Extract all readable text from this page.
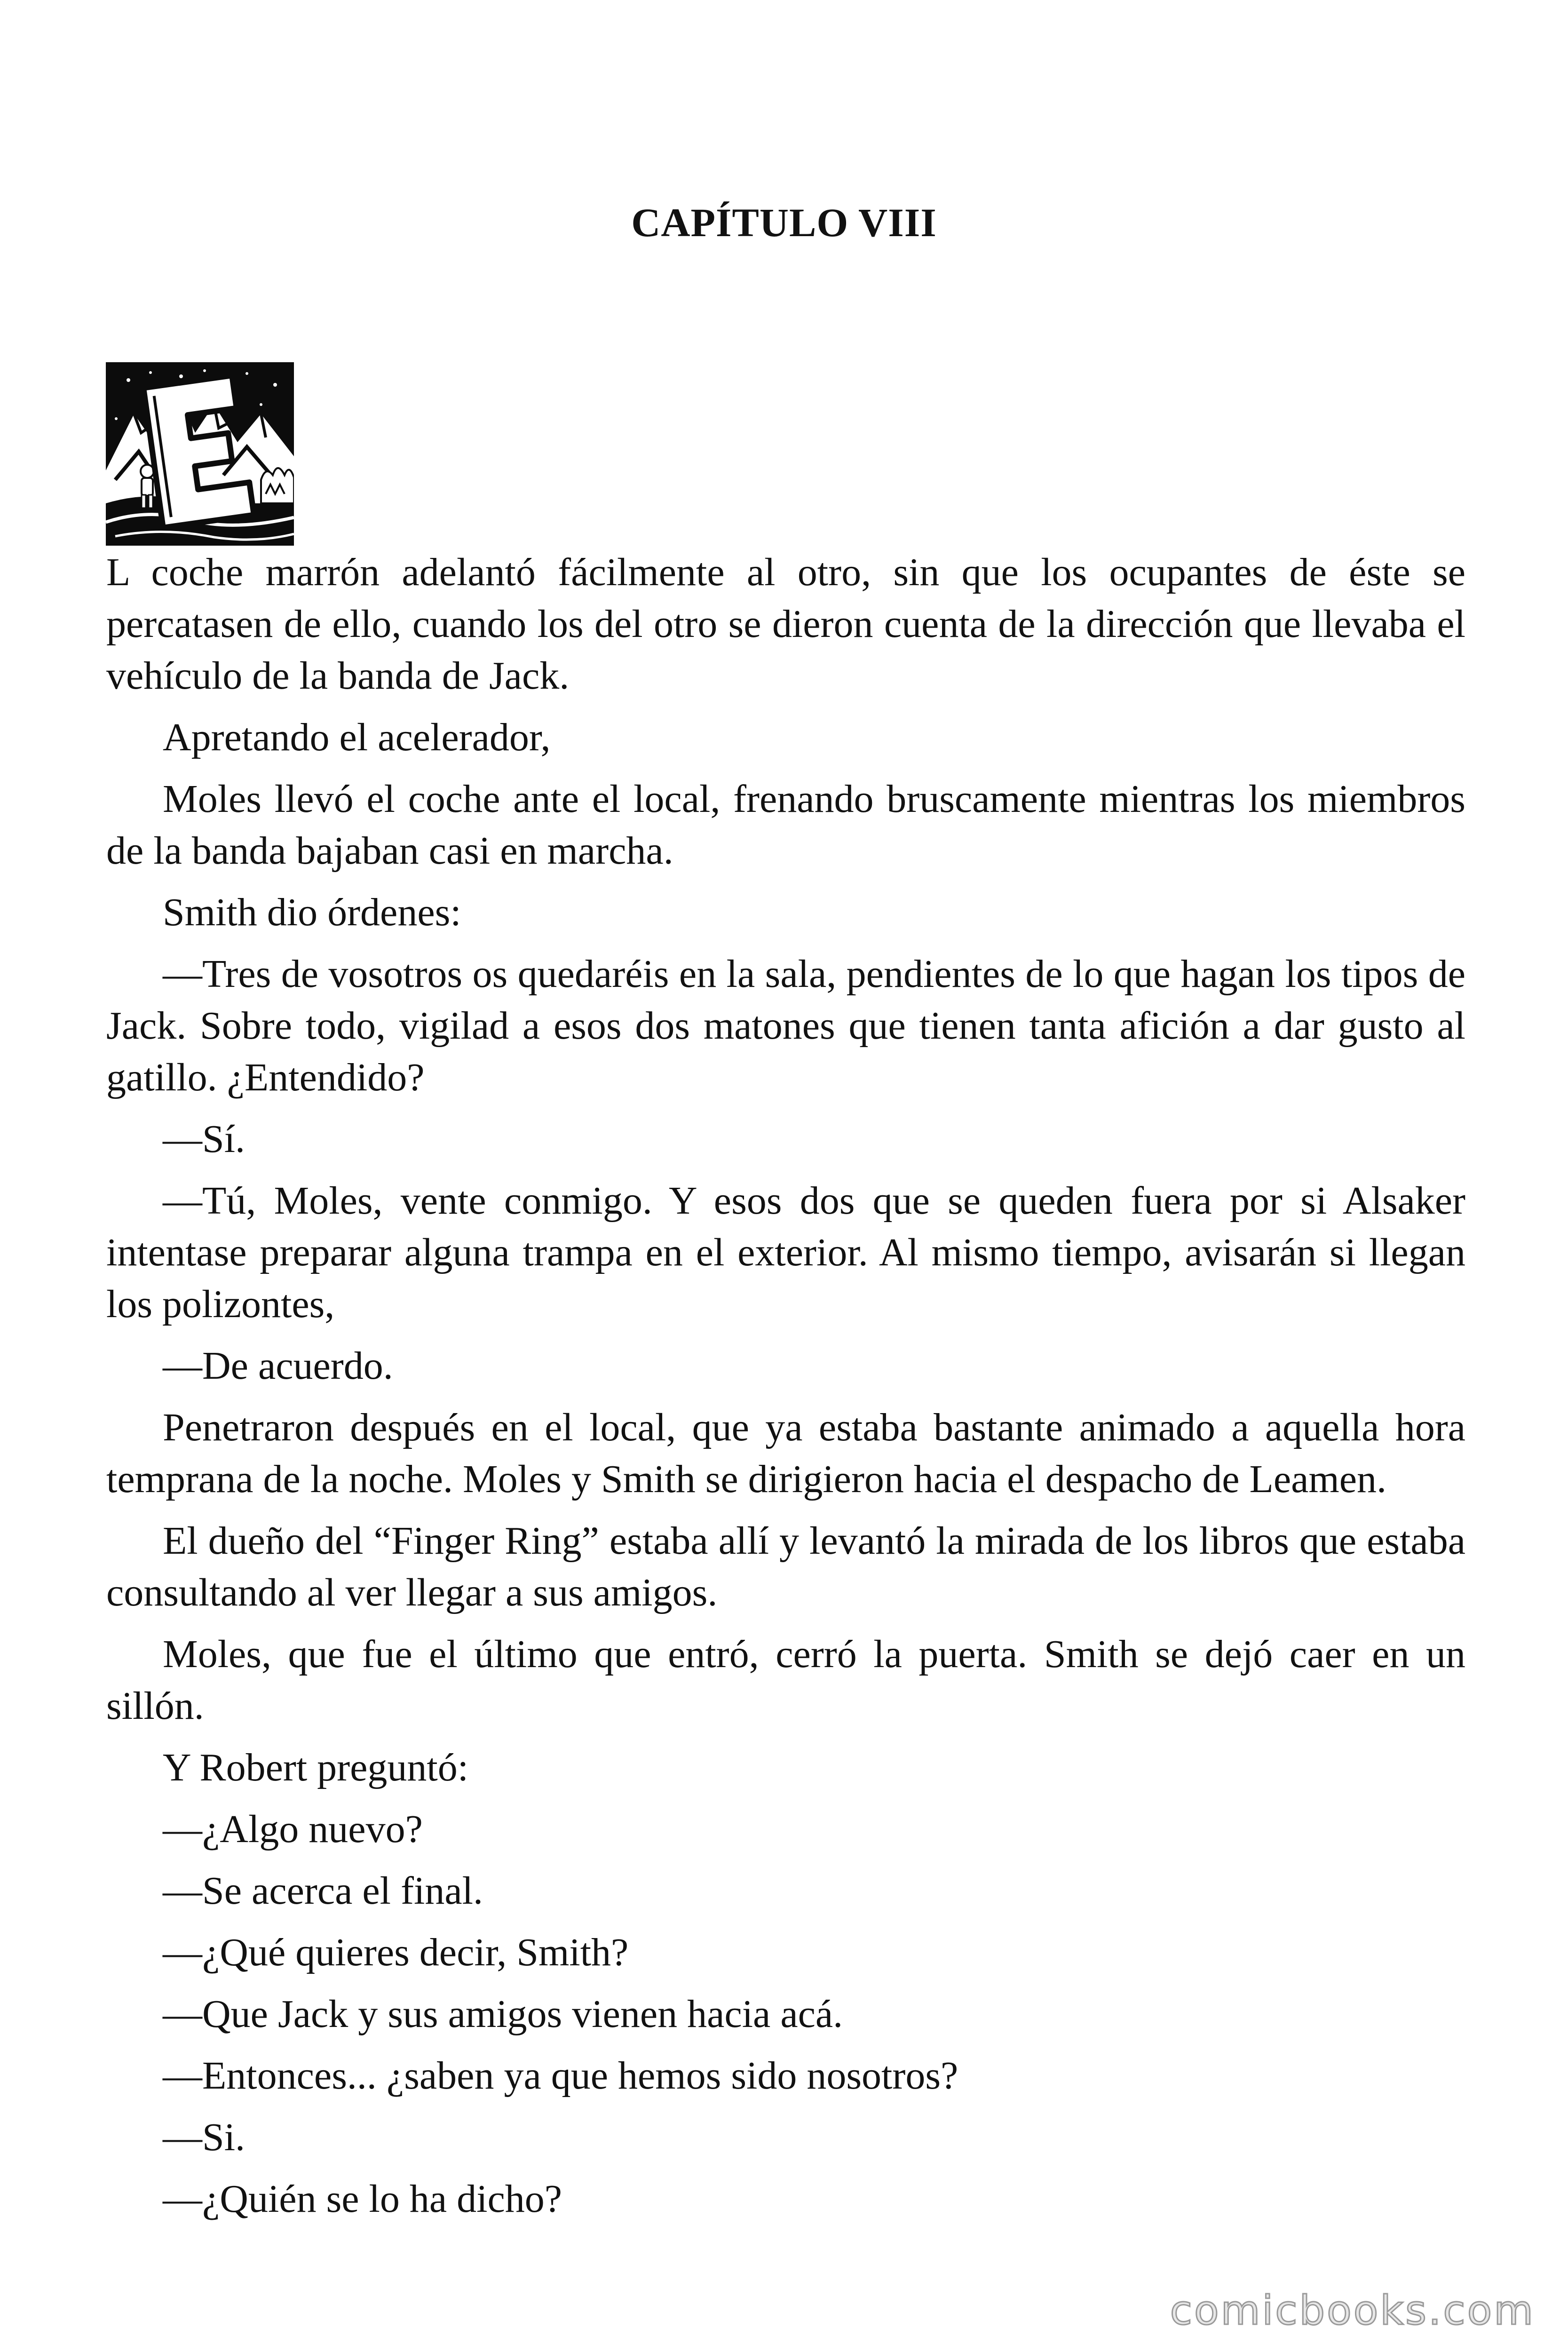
CAPÍTULO VIII

L coche marrón adelantó fácilmente al otro, sin que los ocupantes de éste se percatasen de ello, cuando los del otro se dieron cuenta de la dirección que llevaba el vehículo de la banda de Jack.

Apretando el acelerador,

Moles llevó el coche ante el local, frenando bruscamente mientras los miembros de la banda bajaban casi en marcha.

Smith dio órdenes:

—Tres de vosotros os quedaréis en la sala, pendientes de lo que hagan los tipos de Jack. Sobre todo, vigilad a esos dos matones que tienen tanta afición a dar gusto al gatillo. ¿Entendido?

—Sí.

—Tú, Moles, vente conmigo. Y esos dos que se queden fuera por si Alsaker intentase preparar alguna trampa en el exterior. Al mismo tiempo, avisarán si llegan los polizontes,

—De acuerdo.

Penetraron después en el local, que ya estaba bastante animado a aquella hora temprana de la noche. Moles y Smith se dirigieron hacia el despacho de Leamen.

El dueño del “Finger Ring” estaba allí y levantó la mirada de los libros que estaba consultando al ver llegar a sus amigos.

Moles, que fue el último que entró, cerró la puerta. Smith se dejó caer en un sillón.

Y Robert preguntó:

—¿Algo nuevo?

—Se acerca el final.

—¿Qué quieres decir, Smith?

—Que Jack y sus amigos vienen hacia acá.

—Entonces... ¿saben ya que hemos sido nosotros?

—Si.

—¿Quién se lo ha dicho?

comicbooks.com
